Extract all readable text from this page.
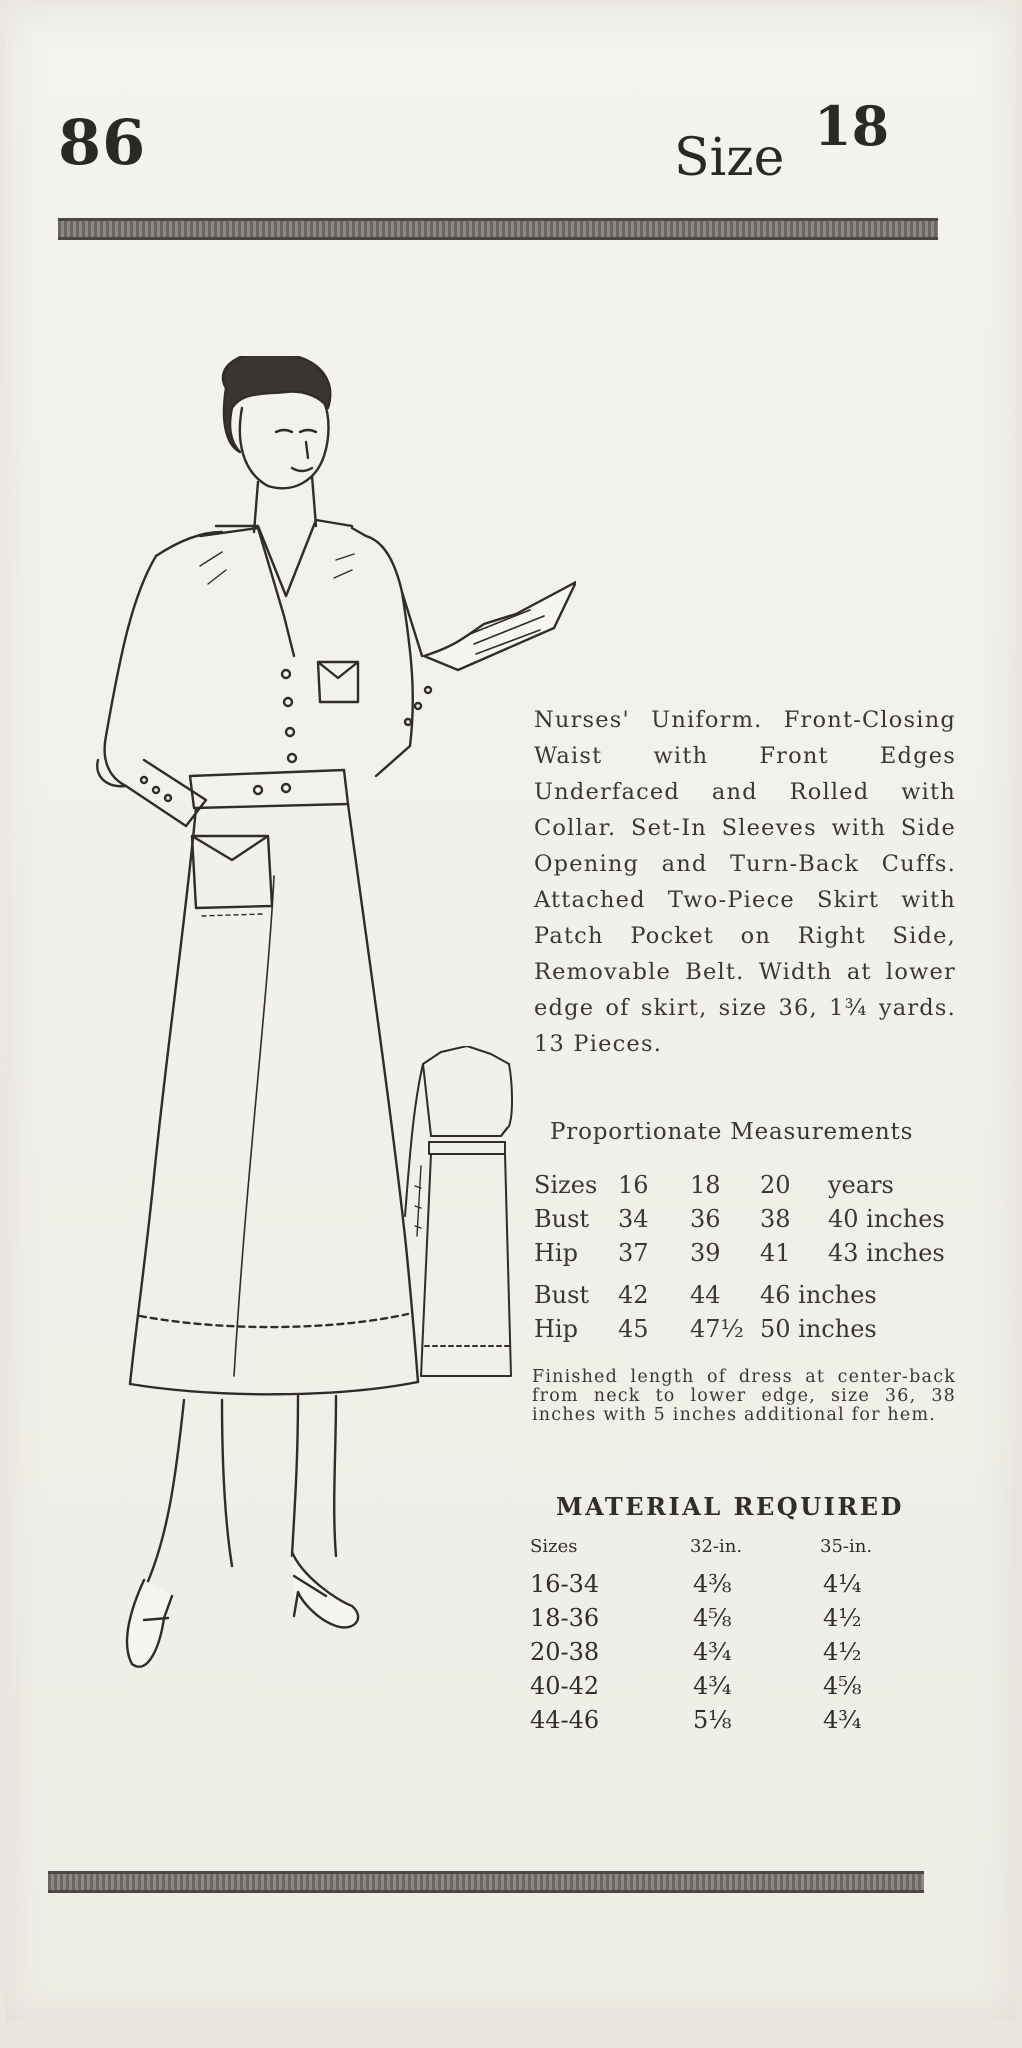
86	Size 18
Nurses' Uniform. Front-Closing Waist with Front Edges Underfaced and Rolled with Collar. Set-In Sleeves with Side Opening and Turn-Back Cuffs. Attached Two-Piece Skirt with Patch Pocket on Right Side, Removable Belt. Width at lower edge of skirt, size 36, 1¾ yards. 13 Pieces.
Proportionate Measurements
Sizes 16 18 20 years
Bust 34 36 38 40 inches
Hip 37 39 41 43 inches
Bust 42 44 46 inches
Hip 45 47½ 50 inches
Finished length of dress at center-back from neck to lower edge, size 36, 38 inches with 5 inches additional for hem.
MATERIAL REQUIRED
Sizes	32-in.	35-in.
16-34	4⅜	4¼
18-36	4⅝	4½
20-38	4¾	4½
40-42	4¾	4⅝
44-46	5⅛	4¾
